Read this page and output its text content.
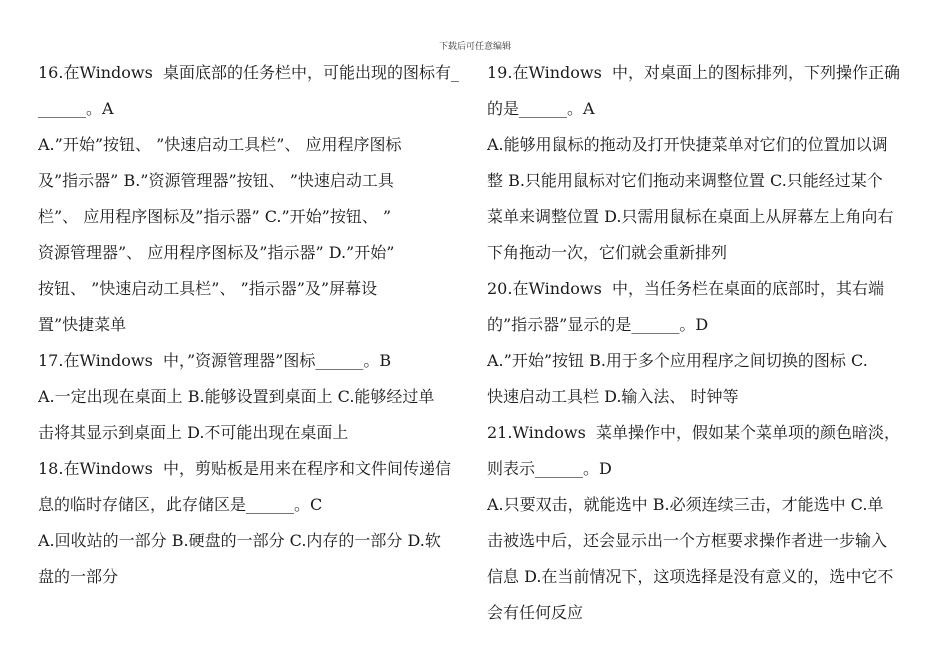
下载后可任意编辑
16.在Windows  桌面底部的任务栏中，可能出现的图标有_
______。A
A.”开始”按钮、 ”快速启动工具栏”、 应用程序图标
及”指示器” B.”资源管理器”按钮、 ”快速启动工具
栏”、 应用程序图标及”指示器” C.”开始”按钮、 ”
资源管理器”、 应用程序图标及”指示器” D.”开始”
按钮、 ”快速启动工具栏”、 ”指示器”及”屏幕设
置”快捷菜单
17.在Windows  中，”资源管理器”图标______。B
A.一定出现在桌面上 B.能够设置到桌面上 C.能够经过单
击将其显示到桌面上 D.不可能出现在桌面上
18.在Windows  中，剪贴板是用来在程序和文件间传递信
息的临时存储区，此存储区是______。C
A.回收站的一部分 B.硬盘的一部分 C.内存的一部分 D.软
盘的一部分
19.在Windows  中，对桌面上的图标排列，下列操作正确
的是______。A
A.能够用鼠标的拖动及打开快捷菜单对它们的位置加以调
整 B.只能用鼠标对它们拖动来调整位置 C.只能经过某个
菜单来调整位置 D.只需用鼠标在桌面上从屏幕左上角向右
下角拖动一次，它们就会重新排列
20.在Windows  中，当任务栏在桌面的底部时，其右端
的”指示器”显示的是______。D
A.”开始”按钮 B.用于多个应用程序之间切换的图标 C.
快速启动工具栏 D.输入法、 时钟等
21.Windows  菜单操作中，假如某个菜单项的颜色暗淡，
则表示______。D
A.只要双击，就能选中 B.必须连续三击，才能选中 C.单
击被选中后，还会显示出一个方框要求操作者进一步输入
信息 D.在当前情况下，这项选择是没有意义的，选中它不
会有任何反应
